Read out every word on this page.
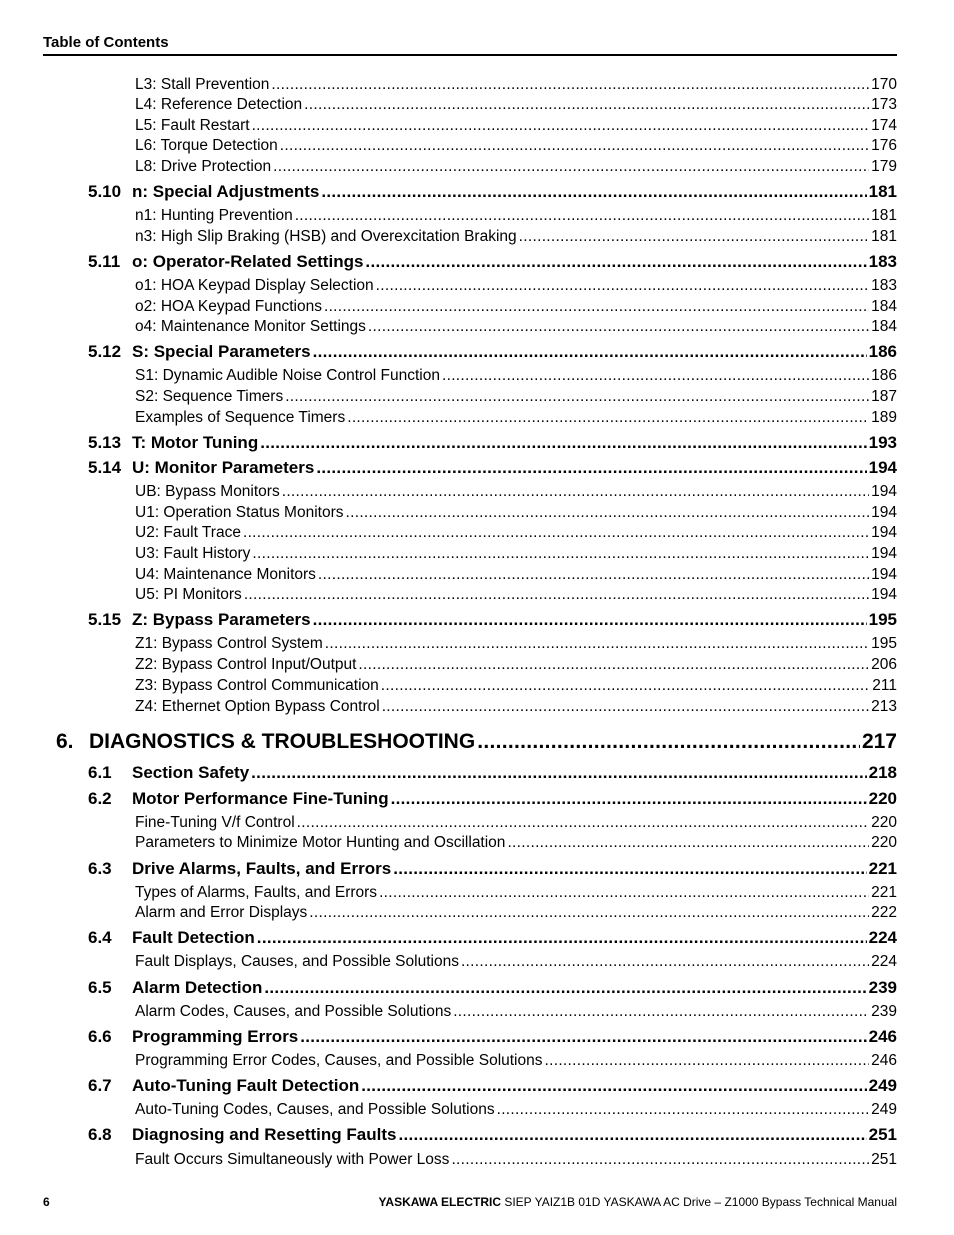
Table of Contents
L3: Stall Prevention .....	170
L4: Reference Detection .....	173
L5: Fault Restart .....	174
L6: Torque Detection .....	176
L8: Drive Protection .....	179
5.10 n: Special Adjustments .....	181
n1: Hunting Prevention .....	181
n3: High Slip Braking (HSB) and Overexcitation Braking .....	181
5.11 o: Operator-Related Settings .....	183
o1: HOA Keypad Display Selection .....	183
o2: HOA Keypad Functions .....	184
o4: Maintenance Monitor Settings .....	184
5.12 S: Special Parameters .....	186
S1: Dynamic Audible Noise Control Function .....	186
S2: Sequence Timers .....	187
Examples of Sequence Timers .....	189
5.13 T: Motor Tuning .....	193
5.14 U: Monitor Parameters .....	194
UB: Bypass Monitors .....	194
U1: Operation Status Monitors .....	194
U2: Fault Trace .....	194
U3: Fault History .....	194
U4: Maintenance Monitors .....	194
U5: PI Monitors .....	194
5.15 Z: Bypass Parameters .....	195
Z1: Bypass Control System .....	195
Z2: Bypass Control Input/Output .....	206
Z3: Bypass Control Communication .....	211
Z4: Ethernet Option Bypass Control .....	213
6. DIAGNOSTICS & TROUBLESHOOTING .....	217
6.1 Section Safety .....	218
6.2 Motor Performance Fine-Tuning .....	220
Fine-Tuning V/f Control .....	220
Parameters to Minimize Motor Hunting and Oscillation .....	220
6.3 Drive Alarms, Faults, and Errors .....	221
Types of Alarms, Faults, and Errors .....	221
Alarm and Error Displays .....	222
6.4 Fault Detection .....	224
Fault Displays, Causes, and Possible Solutions .....	224
6.5 Alarm Detection .....	239
Alarm Codes, Causes, and Possible Solutions .....	239
6.6 Programming Errors .....	246
Programming Error Codes, Causes, and Possible Solutions .....	246
6.7 Auto-Tuning Fault Detection .....	249
Auto-Tuning Codes, Causes, and Possible Solutions .....	249
6.8 Diagnosing and Resetting Faults .....	251
Fault Occurs Simultaneously with Power Loss .....	251
6	YASKAWA ELECTRIC SIEP YAIZ1B 01D YASKAWA AC Drive – Z1000 Bypass Technical Manual
